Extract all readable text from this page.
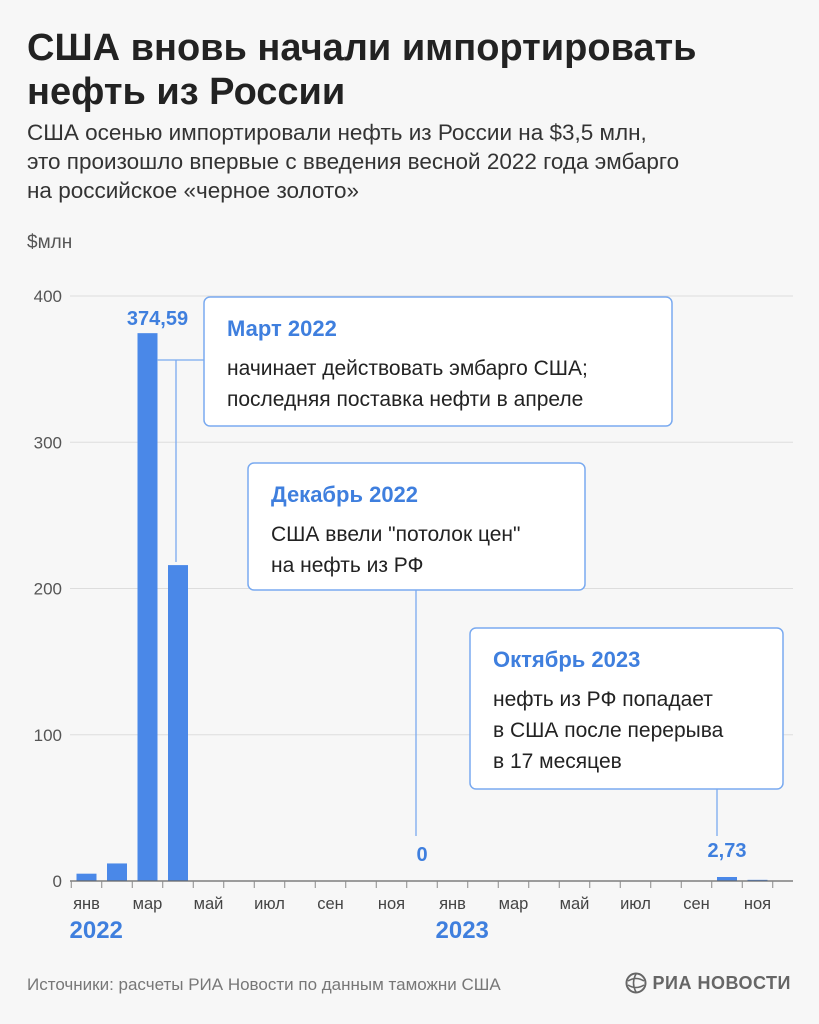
США вновь начали импортировать нефть из России
США осенью импортировали нефть из России на $3,5 млн,
это произошло впервые с введения весной 2022 года эмбарго
на российское «черное золото»
$млн
0
100
200
300
400
янв мар май июл сен ноя янв мар май июл сен ноя
2022	2023
374,59
0	2,73
Март 2022
начинает действовать эмбарго США;
последняя поставка нефти в апреле
Декабрь 2022
США ввели "потолок цен"
на нефть из РФ
Октябрь 2023
нефть из РФ попадает
в США после перерыва
в 17 месяцев
Источники: расчеты РИА Новости по данным таможни США	РИА НОВОСТИ
